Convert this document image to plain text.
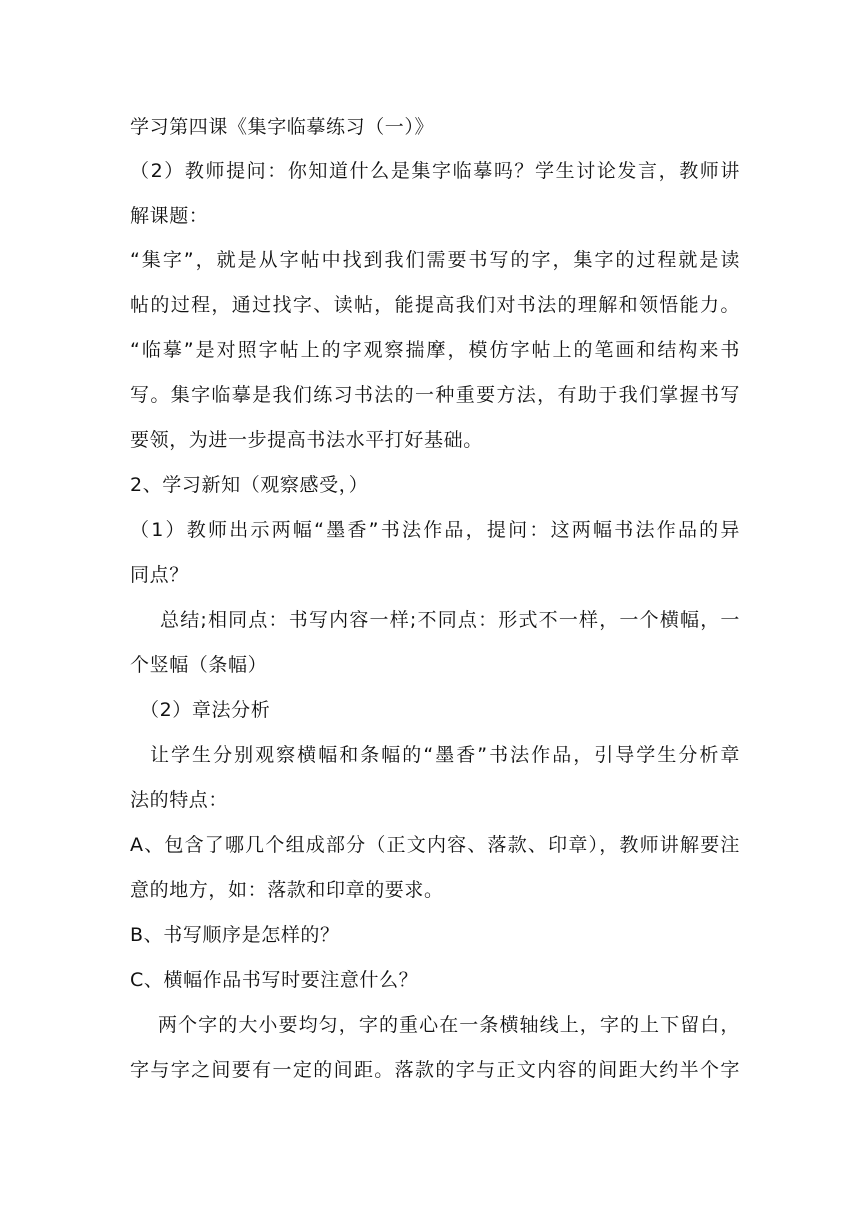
学习第四课《集字临摹练习（一）》
（2）教师提问：你知道什么是集字临摹吗？学生讨论发言，教师讲
解课题：
“集字”，就是从字帖中找到我们需要书写的字，集字的过程就是读
帖的过程，通过找字、读帖，能提高我们对书法的理解和领悟能力。
“临摹”是对照字帖上的字观察揣摩，模仿字帖上的笔画和结构来书
写。集字临摹是我们练习书法的一种重要方法，有助于我们掌握书写
要领，为进一步提高书法水平打好基础。
2、学习新知（观察感受，）
（1）教师出示两幅“墨香”书法作品，提问：这两幅书法作品的异
同点？
总结;相同点：书写内容一样;不同点：形式不一样，一个横幅，一
个竖幅（条幅）
（2）章法分析
让学生分别观察横幅和条幅的“墨香”书法作品，引导学生分析章
法的特点：
A、包含了哪几个组成部分（正文内容、落款、印章），教师讲解要注
意的地方，如：落款和印章的要求。
B、书写顺序是怎样的？
C、横幅作品书写时要注意什么？
两个字的大小要均匀，字的重心在一条横轴线上，字的上下留白，
字与字之间要有一定的间距。落款的字与正文内容的间距大约半个字
